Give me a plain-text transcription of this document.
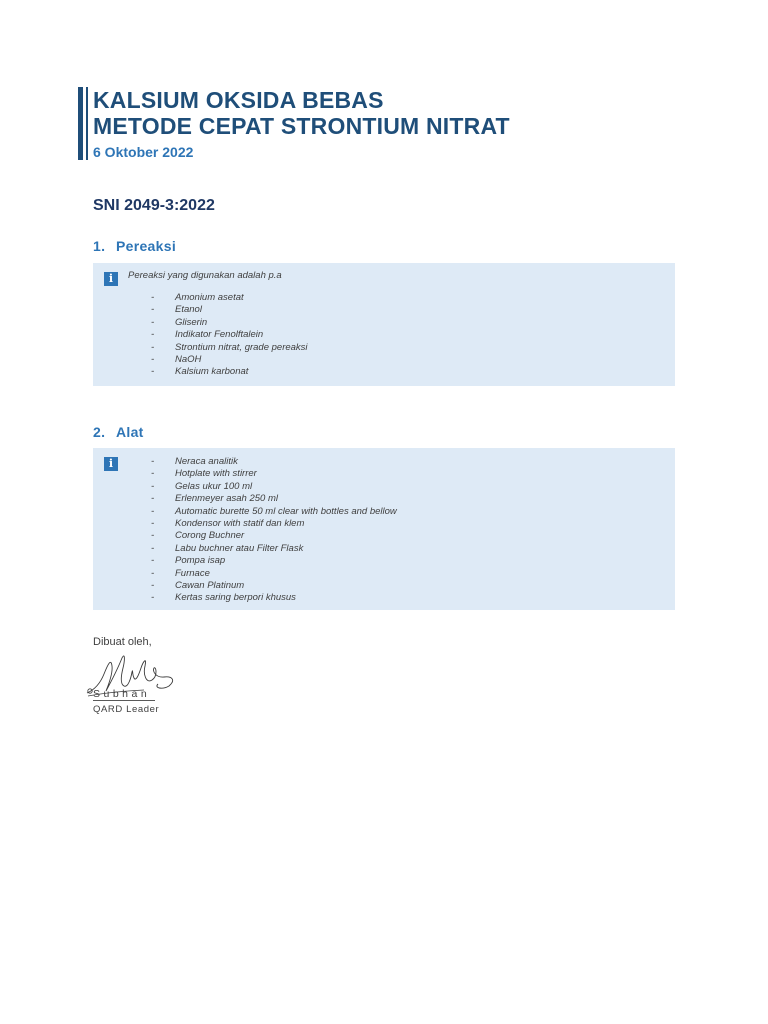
KALSIUM OKSIDA BEBAS
METODE CEPAT STRONTIUM NITRAT
6 Oktober 2022
SNI 2049-3:2022
1. Pereaksi
i	Pereaksi yang digunakan adalah p.a
- Amonium asetat
- Etanol
- Gliserin
- Indikator Fenolftalein
- Strontium nitrat, grade pereaksi
- NaOH
- Kalsium karbonat
2. Alat
i	- Neraca analitik
- Hotplate with stirrer
- Gelas ukur 100 ml
- Erlenmeyer asah 250 ml
- Automatic burette 50 ml clear with bottles and bellow
- Kondensor with statif dan klem
- Corong Buchner
- Labu buchner atau Filter Flask
- Pompa isap
- Furnace
- Cawan Platinum
- Kertas saring berpori khusus
Dibuat oleh,
Subhan
QARD Leader
